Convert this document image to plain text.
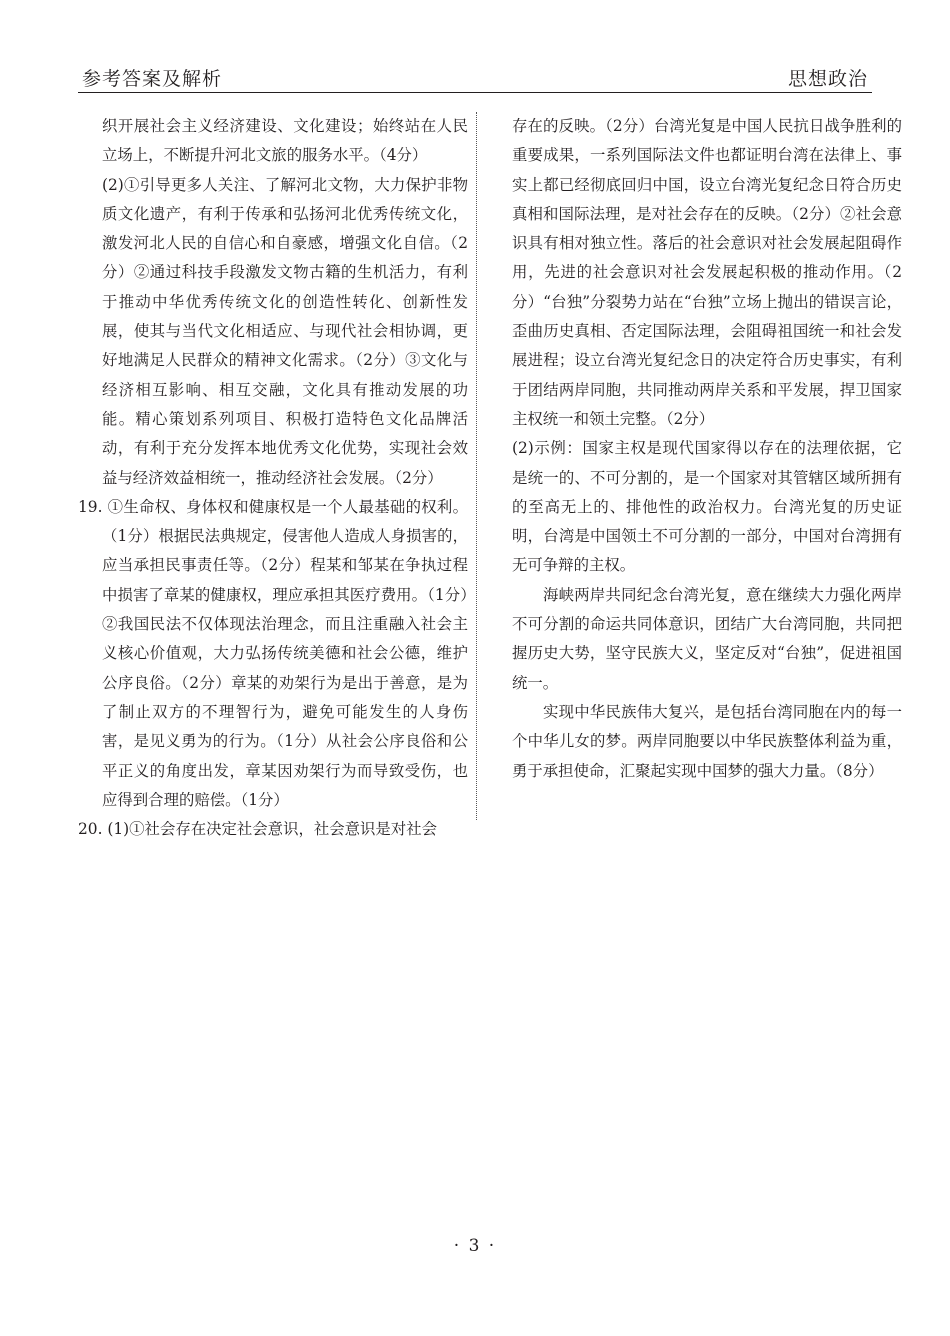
参考答案及解析	思想政治

织开展社会主义经济建设、文化建设；始终站在人民立场上，不断提升河北文旅的服务水平。（4分）

(2)①引导更多人关注、了解河北文物，大力保护非物质文化遗产，有利于传承和弘扬河北优秀传统文化，激发河北人民的自信心和自豪感，增强文化自信。（2分）②通过科技手段激发文物古籍的生机活力，有利于推动中华优秀传统文化的创造性转化、创新性发展，使其与当代文化相适应、与现代社会相协调，更好地满足人民群众的精神文化需求。（2分）③文化与经济相互影响、相互交融，文化具有推动发展的功能。精心策划系列项目、积极打造特色文化品牌活动，有利于充分发挥本地优秀文化优势，实现社会效益与经济效益相统一，推动经济社会发展。（2分）

19. ①生命权、身体权和健康权是一个人最基础的权利。（1分）根据民法典规定，侵害他人造成人身损害的，应当承担民事责任等。（2分）程某和邹某在争执过程中损害了章某的健康权，理应承担其医疗费用。（1分）②我国民法不仅体现法治理念，而且注重融入社会主义核心价值观，大力弘扬传统美德和社会公德，维护公序良俗。（2分）章某的劝架行为是出于善意，是为了制止双方的不理智行为，避免可能发生的人身伤害，是见义勇为的行为。（1分）从社会公序良俗和公平正义的角度出发，章某因劝架行为而导致受伤，也应得到合理的赔偿。（1分）

20. (1)①社会存在决定社会意识，社会意识是对社会

存在的反映。（2分）台湾光复是中国人民抗日战争胜利的重要成果，一系列国际法文件也都证明台湾在法律上、事实上都已经彻底回归中国，设立台湾光复纪念日符合历史真相和国际法理，是对社会存在的反映。（2分）②社会意识具有相对独立性。落后的社会意识对社会发展起阻碍作用，先进的社会意识对社会发展起积极的推动作用。（2分）“台独”分裂势力站在“台独”立场上抛出的错误言论，歪曲历史真相、否定国际法理，会阻碍祖国统一和社会发展进程；设立台湾光复纪念日的决定符合历史事实，有利于团结两岸同胞，共同推动两岸关系和平发展，捍卫国家主权统一和领土完整。（2分）

(2)示例：国家主权是现代国家得以存在的法理依据，它是统一的、不可分割的，是一个国家对其管辖区域所拥有的至高无上的、排他性的政治权力。台湾光复的历史证明，台湾是中国领土不可分割的一部分，中国对台湾拥有无可争辩的主权。

海峡两岸共同纪念台湾光复，意在继续大力强化两岸不可分割的命运共同体意识，团结广大台湾同胞，共同把握历史大势，坚守民族大义，坚定反对“台独”，促进祖国统一。

实现中华民族伟大复兴，是包括台湾同胞在内的每一个中华儿女的梦。两岸同胞要以中华民族整体利益为重，勇于承担使命，汇聚起实现中国梦的强大力量。（8分）

· 3 ·
